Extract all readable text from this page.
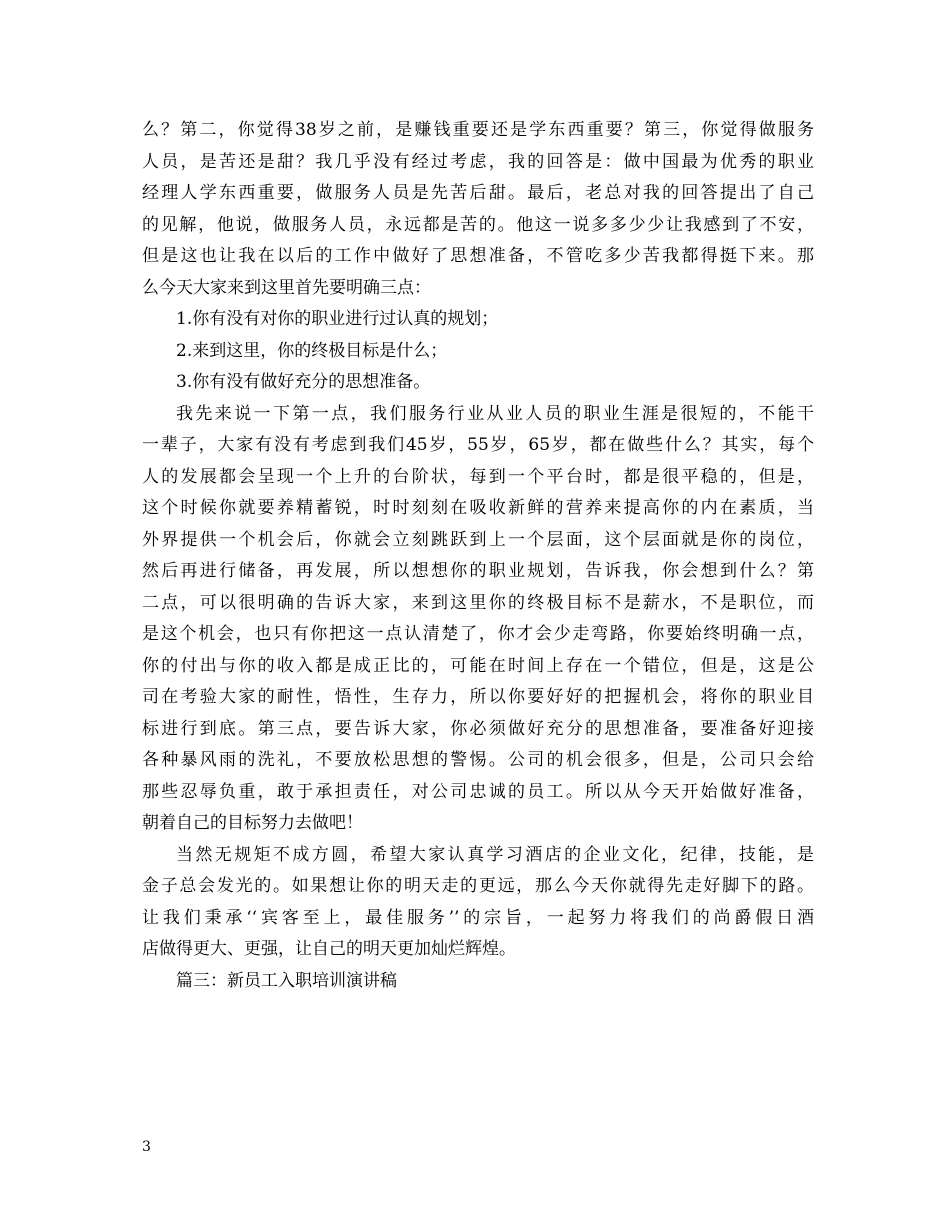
么？第二，你觉得38岁之前，是赚钱重要还是学东西重要？第三，你觉得做服务
人员，是苦还是甜？我几乎没有经过考虑，我的回答是：做中国最为优秀的职业
经理人学东西重要，做服务人员是先苦后甜。最后，老总对我的回答提出了自己
的见解，他说，做服务人员，永远都是苦的。他这一说多多少少让我感到了不安，
但是这也让我在以后的工作中做好了思想准备，不管吃多少苦我都得挺下来。那
么今天大家来到这里首先要明确三点：
1.你有没有对你的职业进行过认真的规划；
2.来到这里，你的终极目标是什么；
3.你有没有做好充分的思想准备。
我先来说一下第一点，我们服务行业从业人员的职业生涯是很短的，不能干
一辈子，大家有没有考虑到我们45岁，55岁，65岁，都在做些什么？其实，每个
人的发展都会呈现一个上升的台阶状，每到一个平台时，都是很平稳的，但是，
这个时候你就要养精蓄锐，时时刻刻在吸收新鲜的营养来提高你的内在素质，当
外界提供一个机会后，你就会立刻跳跃到上一个层面，这个层面就是你的岗位，
然后再进行储备，再发展，所以想想你的职业规划，告诉我，你会想到什么？第
二点，可以很明确的告诉大家，来到这里你的终极目标不是薪水，不是职位，而
是这个机会，也只有你把这一点认清楚了，你才会少走弯路，你要始终明确一点，
你的付出与你的收入都是成正比的，可能在时间上存在一个错位，但是，这是公
司在考验大家的耐性，悟性，生存力，所以你要好好的把握机会，将你的职业目
标进行到底。第三点，要告诉大家，你必须做好充分的思想准备，要准备好迎接
各种暴风雨的洗礼，不要放松思想的警惕。公司的机会很多，但是，公司只会给
那些忍辱负重，敢于承担责任，对公司忠诚的员工。所以从今天开始做好准备，
朝着自己的目标努力去做吧！
当然无规矩不成方圆，希望大家认真学习酒店的企业文化，纪律，技能，是
金子总会发光的。如果想让你的明天走的更远，那么今天你就得先走好脚下的路。
让我们秉承‘‘宾客至上，最佳服务’’的宗旨，一起努力将我们的尚爵假日酒
店做得更大、更强，让自己的明天更加灿烂辉煌。
篇三：新员工入职培训演讲稿
3
